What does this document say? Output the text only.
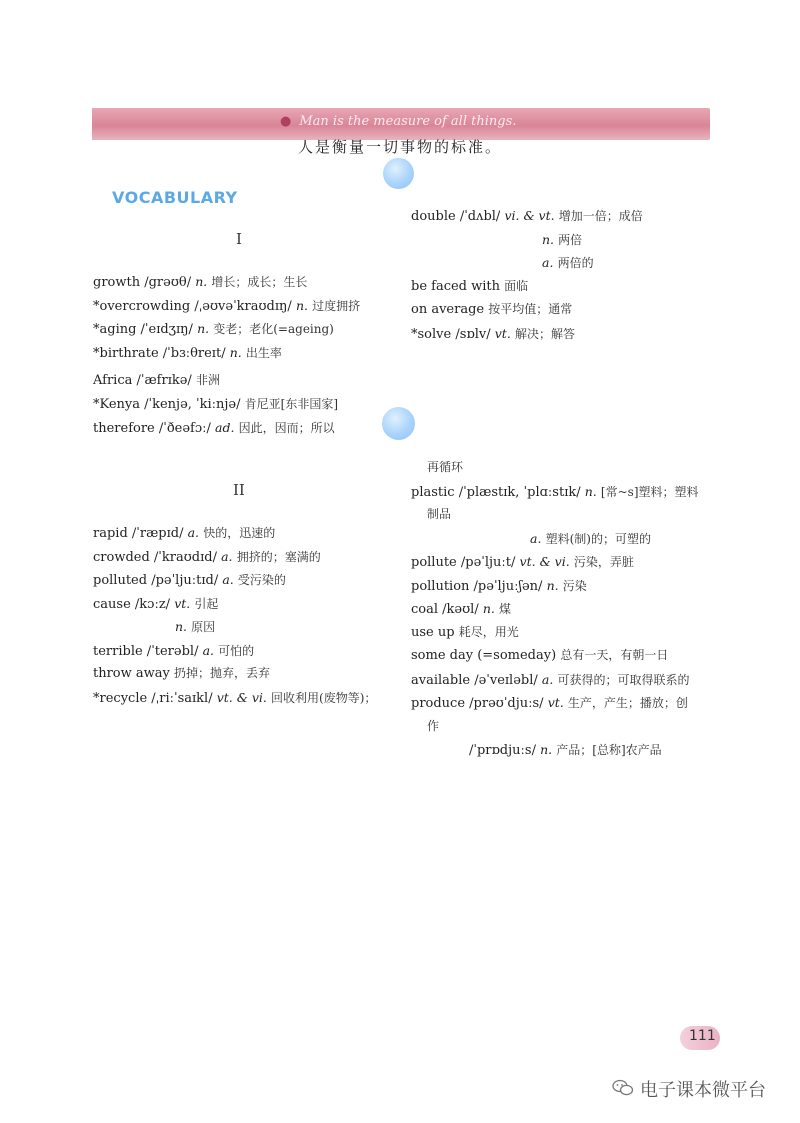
● Man is the measure of all things.
人是衡量一切事物的标准。
VOCABULARY
I
II
growth /grəʊθ/ n. 增长；成长；生长
*overcrowding /ˌəʊvəˈkraʊdɪŋ/ n. 过度拥挤
*aging /ˈeɪdʒɪŋ/ n. 变老；老化(=ageing)
*birthrate /ˈbɜːθreɪt/ n. 出生率
Africa /ˈæfrɪkə/ 非洲
*Kenya /ˈkenjə, ˈkiːnjə/ 肯尼亚[东非国家]
therefore /ˈðeəfɔː/ ad. 因此，因而；所以
rapid /ˈræpɪd/ a. 快的，迅速的
crowded /ˈkraʊdɪd/ a. 拥挤的；塞满的
polluted /pəˈljuːtɪd/ a. 受污染的
cause /kɔːz/ vt. 引起
n. 原因
terrible /ˈterəbl/ a. 可怕的
throw away 扔掉；抛弃，丢弃
*recycle /ˌriːˈsaɪkl/ vt. & vi. 回收利用(废物等)；
double /ˈdʌbl/ vi. & vt. 增加一倍；成倍
n. 两倍
a. 两倍的
be faced with 面临
on average 按平均值；通常
*solve /sɒlv/ vt. 解决；解答
再循环
plastic /ˈplæstɪk, ˈplɑːstɪk/ n. [常~s]塑料；塑料
制品
a. 塑料(制)的；可塑的
pollute /pəˈljuːt/ vt. & vi. 污染，弄脏
pollution /pəˈljuːʃən/ n. 污染
coal /kəʊl/ n. 煤
use up 耗尽，用光
some day (=someday) 总有一天，有朝一日
available /əˈveɪləbl/ a. 可获得的；可取得联系的
produce /prəʊˈdjuːs/ vt. 生产，产生；播放；创
作
/ˈprɒdjuːs/ n. 产品；[总称]农产品
111
电子课本微平台
